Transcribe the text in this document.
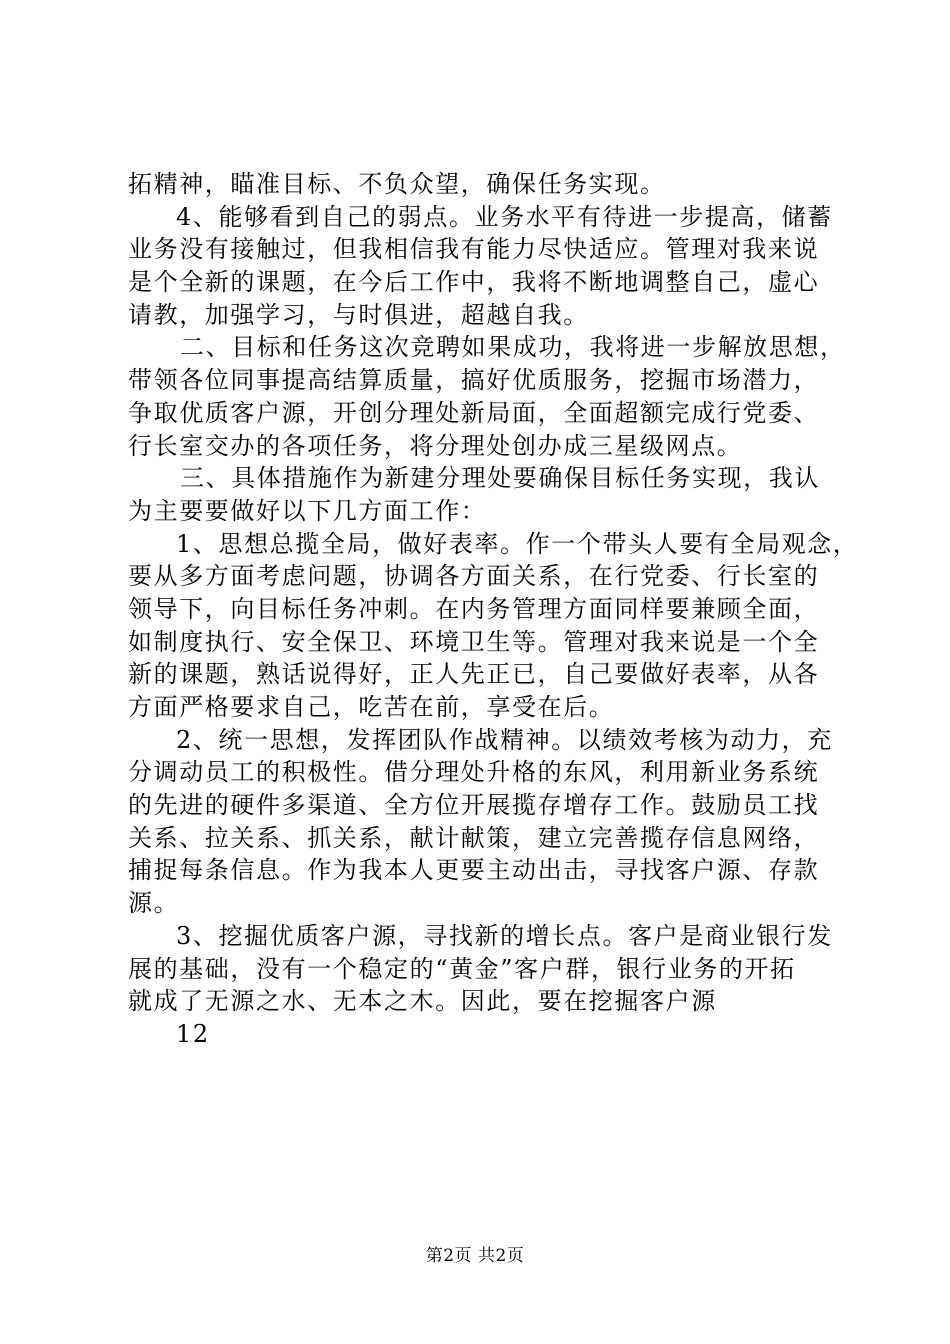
拓精神，瞄准目标、不负众望，确保任务实现。
4、能够看到自己的弱点。业务水平有待进一步提高，储蓄
业务没有接触过，但我相信我有能力尽快适应。管理对我来说
是个全新的课题，在今后工作中，我将不断地调整自己，虚心
请教，加强学习，与时俱进，超越自我。
二、目标和任务这次竞聘如果成功，我将进一步解放思想，
带领各位同事提高结算质量，搞好优质服务，挖掘市场潜力，
争取优质客户源，开创分理处新局面，全面超额完成行党委、
行长室交办的各项任务，将分理处创办成三星级网点。
三、具体措施作为新建分理处要确保目标任务实现，我认
为主要要做好以下几方面工作：
1、思想总揽全局，做好表率。作一个带头人要有全局观念，
要从多方面考虑问题，协调各方面关系，在行党委、行长室的
领导下，向目标任务冲刺。在内务管理方面同样要兼顾全面，
如制度执行、安全保卫、环境卫生等。管理对我来说是一个全
新的课题，熟话说得好，正人先正已，自己要做好表率，从各
方面严格要求自己，吃苦在前，享受在后。
2、统一思想，发挥团队作战精神。以绩效考核为动力，充
分调动员工的积极性。借分理处升格的东风，利用新业务系统
的先进的硬件多渠道、全方位开展揽存增存工作。鼓励员工找
关系、拉关系、抓关系，献计献策，建立完善揽存信息网络，
捕捉每条信息。作为我本人更要主动出击，寻找客户源、存款
源。
3、挖掘优质客户源，寻找新的增长点。客户是商业银行发
展的基础，没有一个稳定的“黄金”客户群，银行业务的开拓
就成了无源之水、无本之木。因此，要在挖掘客户源
12
第2页 共2页
